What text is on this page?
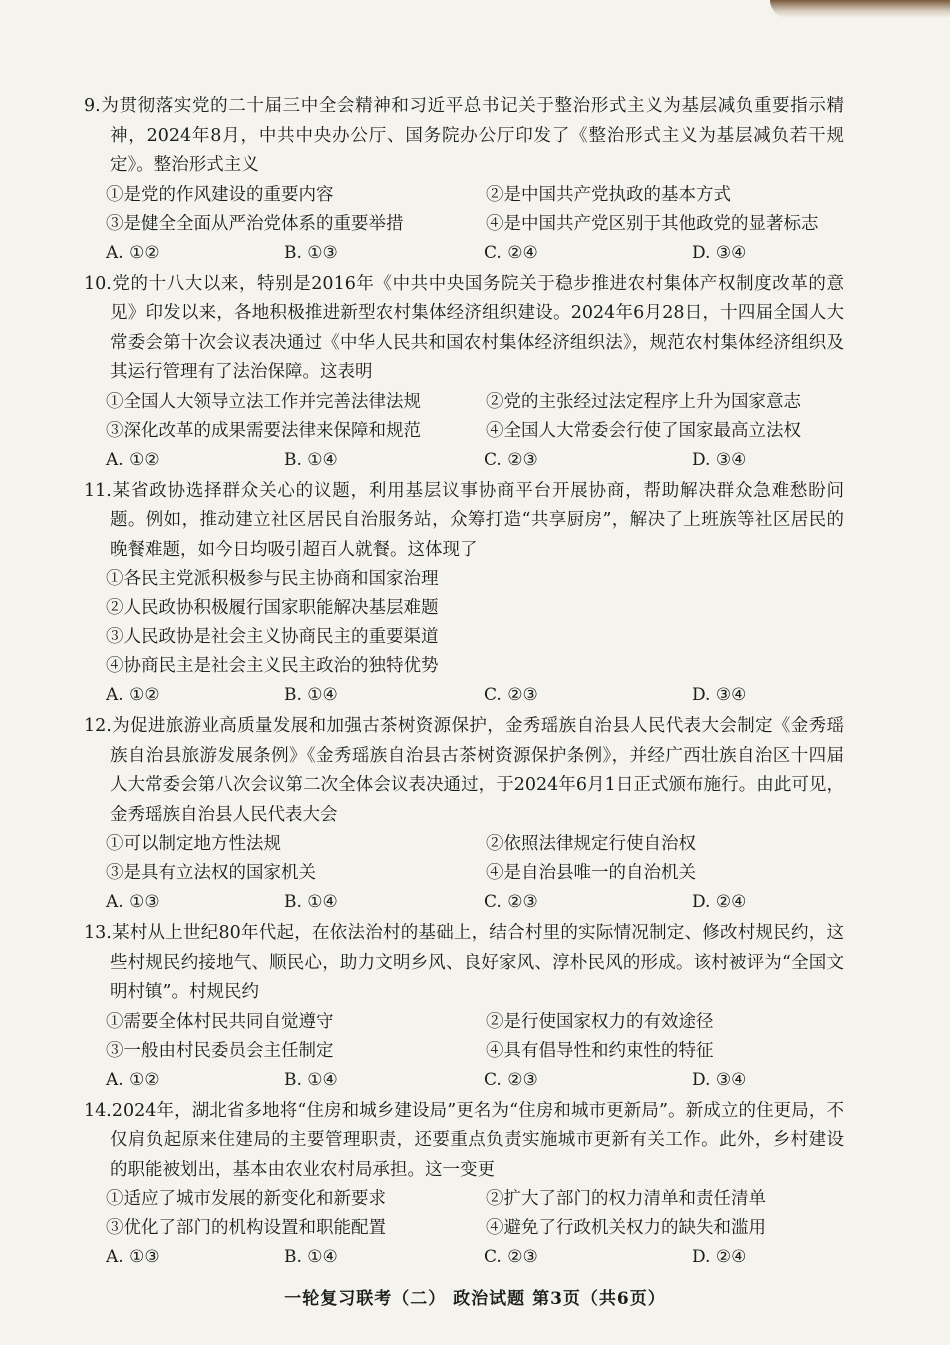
9.为贯彻落实党的二十届三中全会精神和习近平总书记关于整治形式主义为基层减负重要指示精神，2024年8月，中共中央办公厅、国务院办公厅印发了《整治形式主义为基层减负若干规定》。整治形式主义

①是党的作风建设的重要内容	②是中国共产党执政的基本方式
③是健全全面从严治党体系的重要举措	④是中国共产党区别于其他政党的显著标志
A. ①②	B. ①③	C. ②④	D. ③④

10.党的十八大以来，特别是2016年《中共中央国务院关于稳步推进农村集体产权制度改革的意见》印发以来，各地积极推进新型农村集体经济组织建设。2024年6月28日，十四届全国人大常委会第十次会议表决通过《中华人民共和国农村集体经济组织法》，规范农村集体经济组织及其运行管理有了法治保障。这表明

①全国人大领导立法工作并完善法律法规	②党的主张经过法定程序上升为国家意志
③深化改革的成果需要法律来保障和规范	④全国人大常委会行使了国家最高立法权
A. ①②	B. ①④	C. ②③	D. ③④

11.某省政协选择群众关心的议题，利用基层议事协商平台开展协商，帮助解决群众急难愁盼问题。例如，推动建立社区居民自治服务站，众筹打造“共享厨房”，解决了上班族等社区居民的晚餐难题，如今日均吸引超百人就餐。这体现了

①各民主党派积极参与民主协商和国家治理
②人民政协积极履行国家职能解决基层难题
③人民政协是社会主义协商民主的重要渠道
④协商民主是社会主义民主政治的独特优势
A. ①②	B. ①④	C. ②③	D. ③④

12.为促进旅游业高质量发展和加强古茶树资源保护，金秀瑶族自治县人民代表大会制定《金秀瑶族自治县旅游发展条例》《金秀瑶族自治县古茶树资源保护条例》，并经广西壮族自治区十四届人大常委会第八次会议第二次全体会议表决通过，于2024年6月1日正式颁布施行。由此可见，金秀瑶族自治县人民代表大会

①可以制定地方性法规	②依照法律规定行使自治权
③是具有立法权的国家机关	④是自治县唯一的自治机关
A. ①③	B. ①④	C. ②③	D. ②④

13.某村从上世纪80年代起，在依法治村的基础上，结合村里的实际情况制定、修改村规民约，这些村规民约接地气、顺民心，助力文明乡风、良好家风、淳朴民风的形成。该村被评为“全国文明村镇”。村规民约

①需要全体村民共同自觉遵守	②是行使国家权力的有效途径
③一般由村民委员会主任制定	④具有倡导性和约束性的特征
A. ①②	B. ①④	C. ②③	D. ③④

14.2024年，湖北省多地将“住房和城乡建设局”更名为“住房和城市更新局”。新成立的住更局，不仅肩负起原来住建局的主要管理职责，还要重点负责实施城市更新有关工作。此外，乡村建设的职能被划出，基本由农业农村局承担。这一变更

①适应了城市发展的新变化和新要求	②扩大了部门的权力清单和责任清单
③优化了部门的机构设置和职能配置	④避免了行政机关权力的缺失和滥用
A. ①③	B. ①④	C. ②③	D. ②④
一轮复习联考（二） 政治试题 第3页（共6页）
